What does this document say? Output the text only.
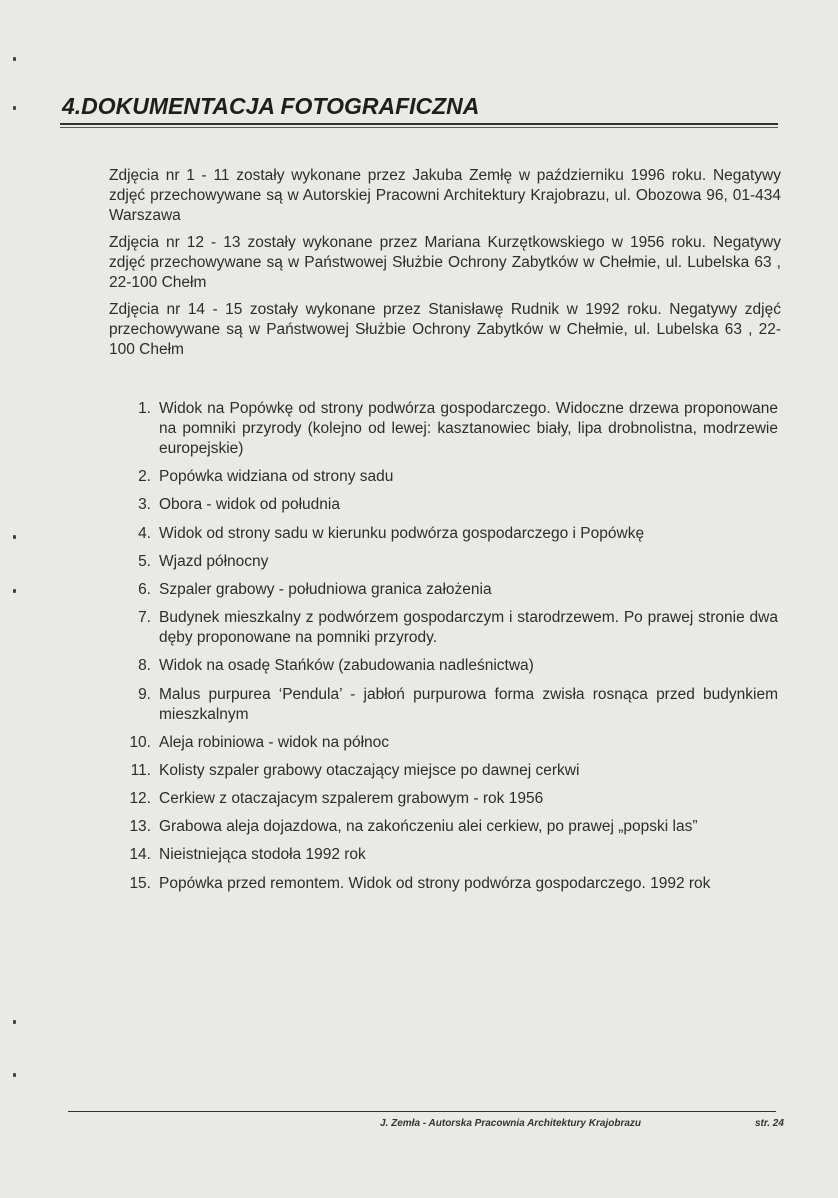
4.DOKUMENTACJA FOTOGRAFICZNA
Zdjęcia nr 1 - 11 zostały wykonane przez Jakuba Zemłę w październiku 1996 roku. Negatywy zdjęć przechowywane są w Autorskiej Pracowni Architektury Krajobrazu, ul. Obozowa 96, 01-434 Warszawa
Zdjęcia nr 12 - 13 zostały wykonane przez Mariana Kurzętkowskiego w 1956 roku. Negatywy zdjęć przechowywane są w Państwowej Służbie Ochrony Zabytków w Chełmie, ul. Lubelska 63 , 22-100 Chełm
Zdjęcia nr 14 - 15 zostały wykonane przez Stanisławę Rudnik w 1992 roku. Negatywy zdjęć przechowywane są w Państwowej Służbie Ochrony Zabytków w Chełmie, ul. Lubelska 63 , 22-100 Chełm
1. Widok na Popówkę od strony podwórza gospodarczego. Widoczne drzewa proponowane na pomniki przyrody (kolejno od lewej: kasztanowiec biały, lipa drobnolistna, modrzewie europejskie)
2. Popówka widziana od strony sadu
3. Obora - widok od południa
4. Widok od strony sadu w kierunku podwórza gospodarczego i Popówkę
5. Wjazd północny
6. Szpaler grabowy - południowa granica założenia
7. Budynek mieszkalny z podwórzem gospodarczym i starodrzewem. Po prawej stronie dwa dęby proponowane na pomniki przyrody.
8. Widok na osadę Stańków (zabudowania nadleśnictwa)
9. Malus purpurea ‘Pendula’ - jabłoń purpurowa forma zwisła rosnąca przed budynkiem mieszkalnym
10. Aleja robiniowa - widok na północ
11. Kolisty szpaler grabowy otaczający miejsce po dawnej cerkwi
12. Cerkiew z otaczajacym szpalerem grabowym - rok 1956
13. Grabowa aleja dojazdowa, na zakończeniu alei cerkiew, po prawej „popski las”
14. Nieistniejąca stodoła 1992 rok
15. Popówka przed remontem. Widok od strony podwórza gospodarczego. 1992 rok
J. Zemła - Autorska Pracownia Architektury Krajobrazu	str. 24
